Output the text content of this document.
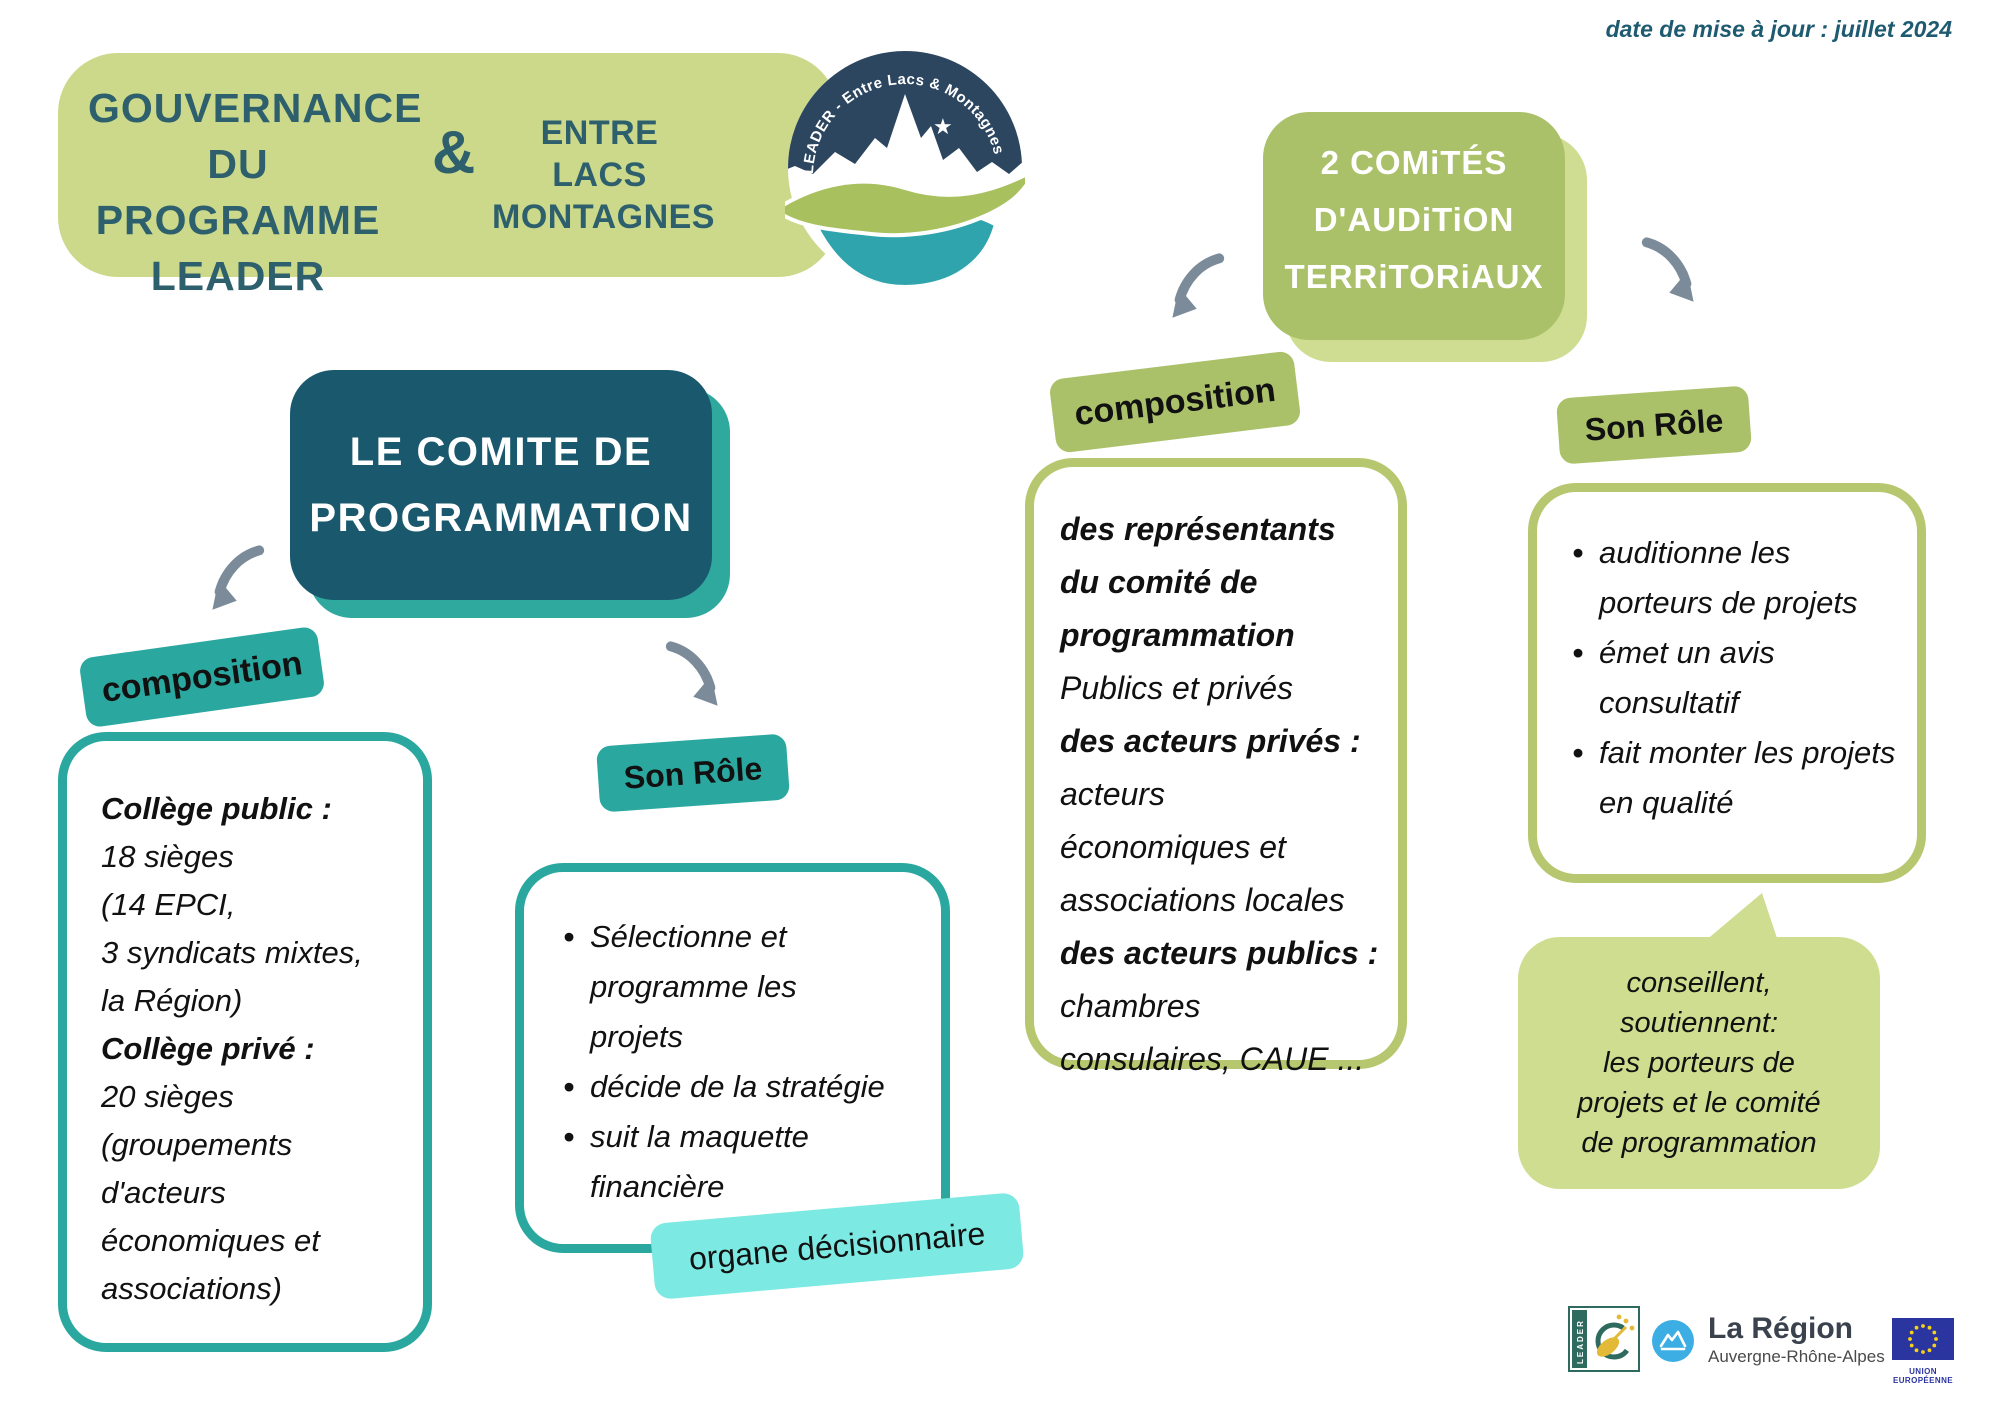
date de mise à jour : juillet 2024
GOUVERNANCE
DU PROGRAMME
LEADER
&	ENTRE LACS
MONTAGNES
★
LEADER - Entre Lacs & Montagnes	2 COMiTÉS
D'AUDiTiON
TERRiTORiAUX
LE COMITE DE
PROGRAMMATION
composition
Son Rôle
composition	Son Rôle
Collège public :
18 sièges
(14 EPCI,
3 syndicats mixtes,
la Région)
Collège privé :
20 sièges
(groupements
d'acteurs
économiques et
associations)
• Sélectionne et
programme les
projets
• décide de la stratégie
• suit la maquette
financière
organe décisionnaire
des représentants
du comité de
programmation
Publics et privés
des acteurs privés :
acteurs
économiques et
associations locales
des acteurs publics :
chambres
consulaires, CAUE ...
• auditionne les
porteurs de projets
• émet un avis
consultatif
• fait monter les projets
en qualité
conseillent,
soutiennent:
les porteurs de
projets et le comité
de programmation
LEADER	La Région
Auvergne-Rhône-Alpes
UNION EUROPÉENNE
